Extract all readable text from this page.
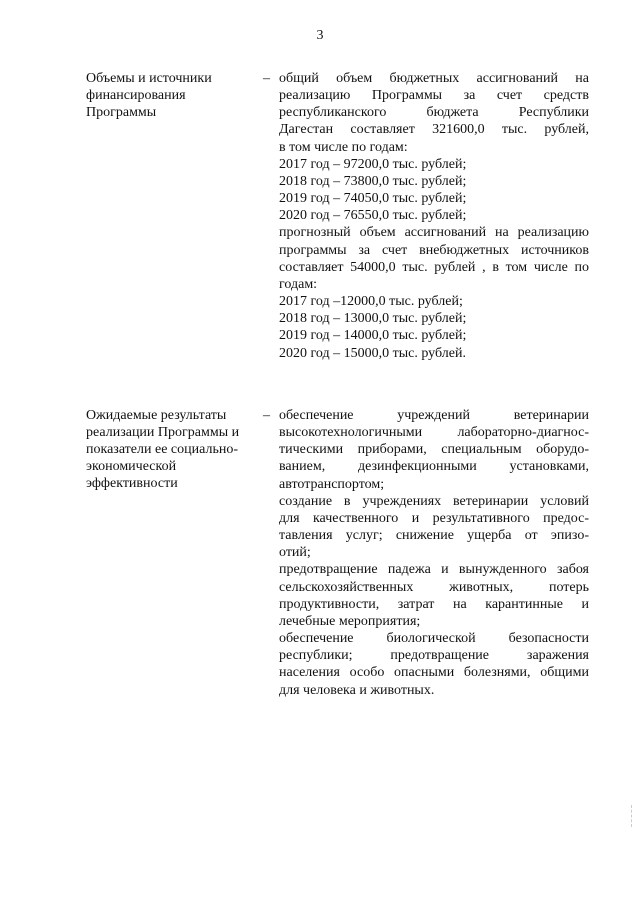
3
Объемы и источники
финансирования
Программы
– общий объем бюджетных ассигнований на
реализацию Программы за счет средств
республиканского бюджета Республики
Дагестан составляет 321600,0 тыс. рублей,
в том числе по годам:
2017 год – 97200,0 тыс. рублей;
2018 год – 73800,0 тыс. рублей;
2019 год – 74050,0 тыс. рублей;
2020 год – 76550,0 тыс. рублей;
прогнозный объем ассигнований на реализацию
программы за счет внебюджетных источников
составляет 54000,0 тыс. рублей , в том числе по
годам:
2017 год –12000,0 тыс. рублей;
2018 год – 13000,0 тыс. рублей;
2019 год – 14000,0 тыс. рублей;
2020 год – 15000,0 тыс. рублей.
Ожидаемые результаты
реализации Программы и
показатели ее социально-
экономической
эффективности
– обеспечение учреждений ветеринарии
высокотехнологичными лабораторно-диагнос-
тическими приборами, специальным оборудо-
ванием, дезинфекционными установками,
автотранспортом;
создание в учреждениях ветеринарии условий
для качественного и результативного предос-
тавления услуг; снижение ущерба от эпизо-
отий;
предотвращение падежа и вынужденного забоя
сельскохозяйственных животных, потерь
продуктивности, затрат на карантинные и
лечебные мероприятия;
обеспечение биологической безопасности
республики; предотвращение заражения
населения особо опасными болезнями, общими
для человека и животных.
